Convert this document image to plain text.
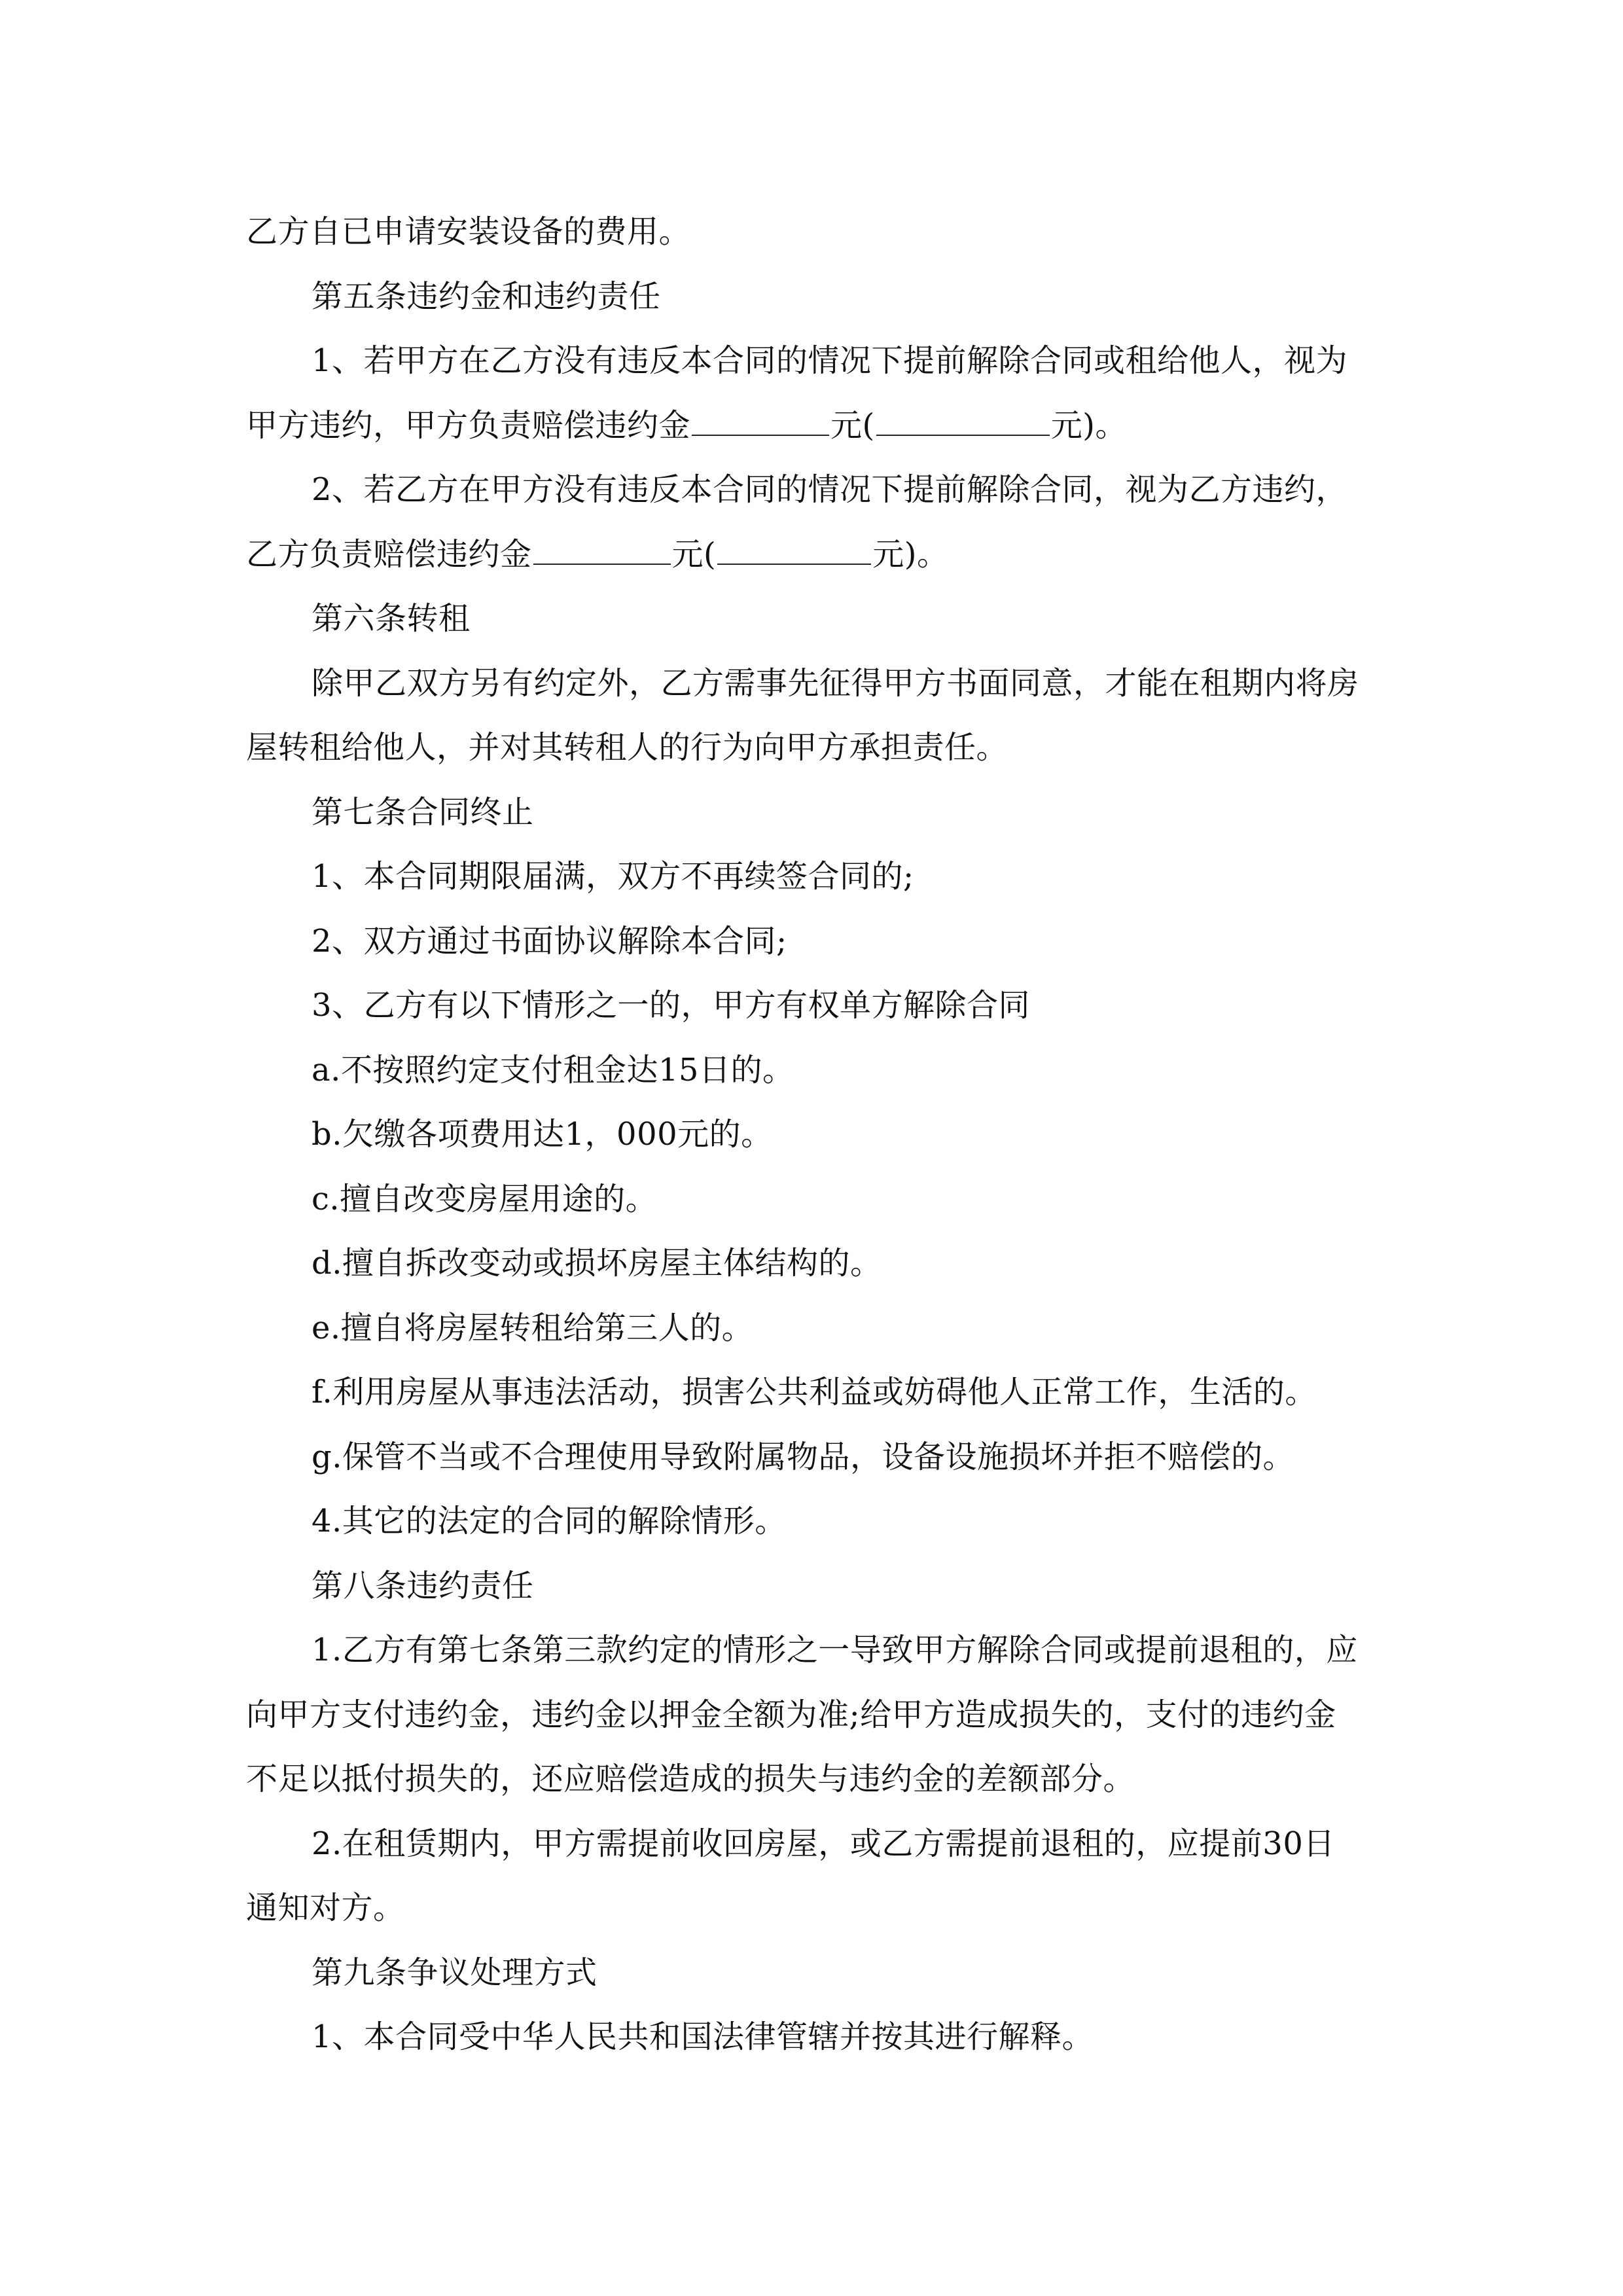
乙方自已申请安装设备的费用。
第五条违约金和违约责任
1、若甲方在乙方没有违反本合同的情况下提前解除合同或租给他人，视为
甲方违约，甲方负责赔偿违约金	元(	元)。
2、若乙方在甲方没有违反本合同的情况下提前解除合同，视为乙方违约，
乙方负责赔偿违约金	元(	元)。
第六条转租
除甲乙双方另有约定外，乙方需事先征得甲方书面同意，才能在租期内将房
屋转租给他人，并对其转租人的行为向甲方承担责任。
第七条合同终止
1、本合同期限届满，双方不再续签合同的;
2、双方通过书面协议解除本合同;
3、乙方有以下情形之一的，甲方有权单方解除合同
a.不按照约定支付租金达15日的。
b.欠缴各项费用达1，000元的。
c.擅自改变房屋用途的。
d.擅自拆改变动或损坏房屋主体结构的。
e.擅自将房屋转租给第三人的。
f.利用房屋从事违法活动，损害公共利益或妨碍他人正常工作，生活的。
g.保管不当或不合理使用导致附属物品，设备设施损坏并拒不赔偿的。
4.其它的法定的合同的解除情形。
第八条违约责任
1.乙方有第七条第三款约定的情形之一导致甲方解除合同或提前退租的，应
向甲方支付违约金，违约金以押金全额为准;给甲方造成损失的，支付的违约金
不足以抵付损失的，还应赔偿造成的损失与违约金的差额部分。
2.在租赁期内，甲方需提前收回房屋，或乙方需提前退租的，应提前30日
通知对方。
第九条争议处理方式
1、本合同受中华人民共和国法律管辖并按其进行解释。
